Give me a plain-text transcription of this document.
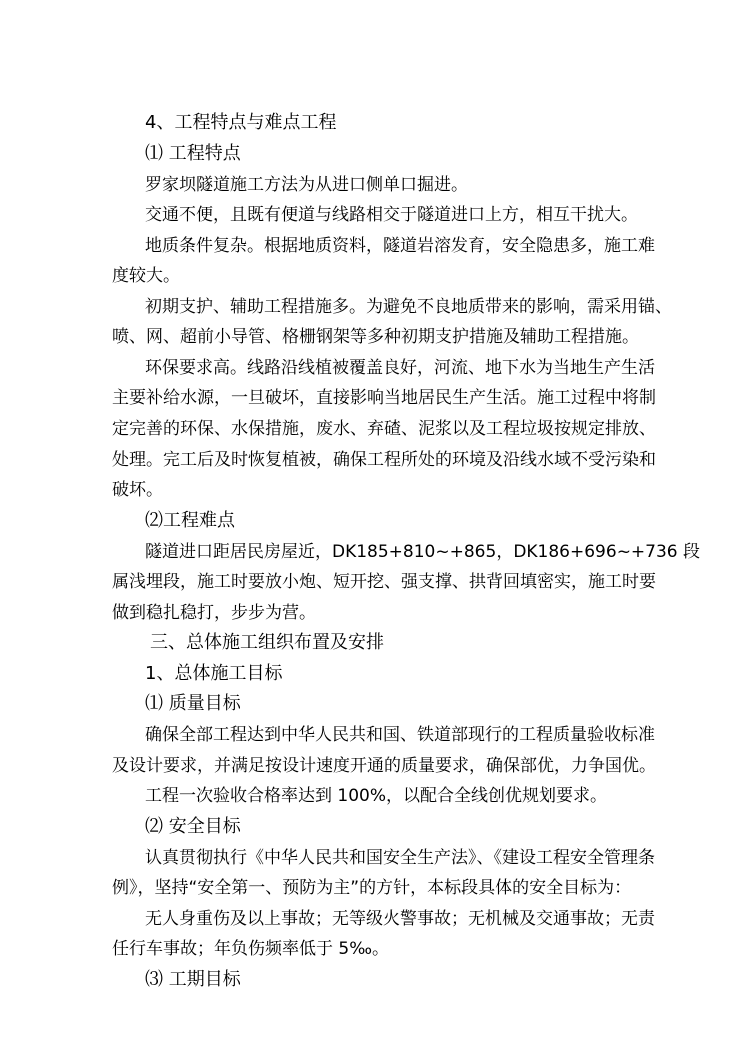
4、工程特点与难点工程
⑴ 工程特点
罗家坝隧道施工方法为从进口侧单口掘进。
交通不便，且既有便道与线路相交于隧道进口上方，相互干扰大。
地质条件复杂。根据地质资料，隧道岩溶发育，安全隐患多，施工难
度较大。
初期支护、辅助工程措施多。为避免不良地质带来的影响，需采用锚、
喷、网、超前小导管、格栅钢架等多种初期支护措施及辅助工程措施。
环保要求高。线路沿线植被覆盖良好，河流、地下水为当地生产生活
主要补给水源，一旦破坏，直接影响当地居民生产生活。施工过程中将制
定完善的环保、水保措施，废水、弃碴、泥浆以及工程垃圾按规定排放、
处理。完工后及时恢复植被，确保工程所处的环境及沿线水域不受污染和
破坏。
⑵工程难点
隧道进口距居民房屋近，DK185+810~+865，DK186+696~+736 段
属浅埋段，施工时要放小炮、短开挖、强支撑、拱背回填密实，施工时要
做到稳扎稳打，步步为营。
三、总体施工组织布置及安排
1、总体施工目标
⑴ 质量目标
确保全部工程达到中华人民共和国、铁道部现行的工程质量验收标准
及设计要求，并满足按设计速度开通的质量要求，确保部优，力争国优。
工程一次验收合格率达到 100%，以配合全线创优规划要求。
⑵ 安全目标
认真贯彻执行《中华人民共和国安全生产法》、《建设工程安全管理条
例》，坚持“安全第一、预防为主”的方针，本标段具体的安全目标为：
无人身重伤及以上事故；无等级火警事故；无机械及交通事故；无责
任行车事故；年负伤频率低于 5‰。
⑶ 工期目标
